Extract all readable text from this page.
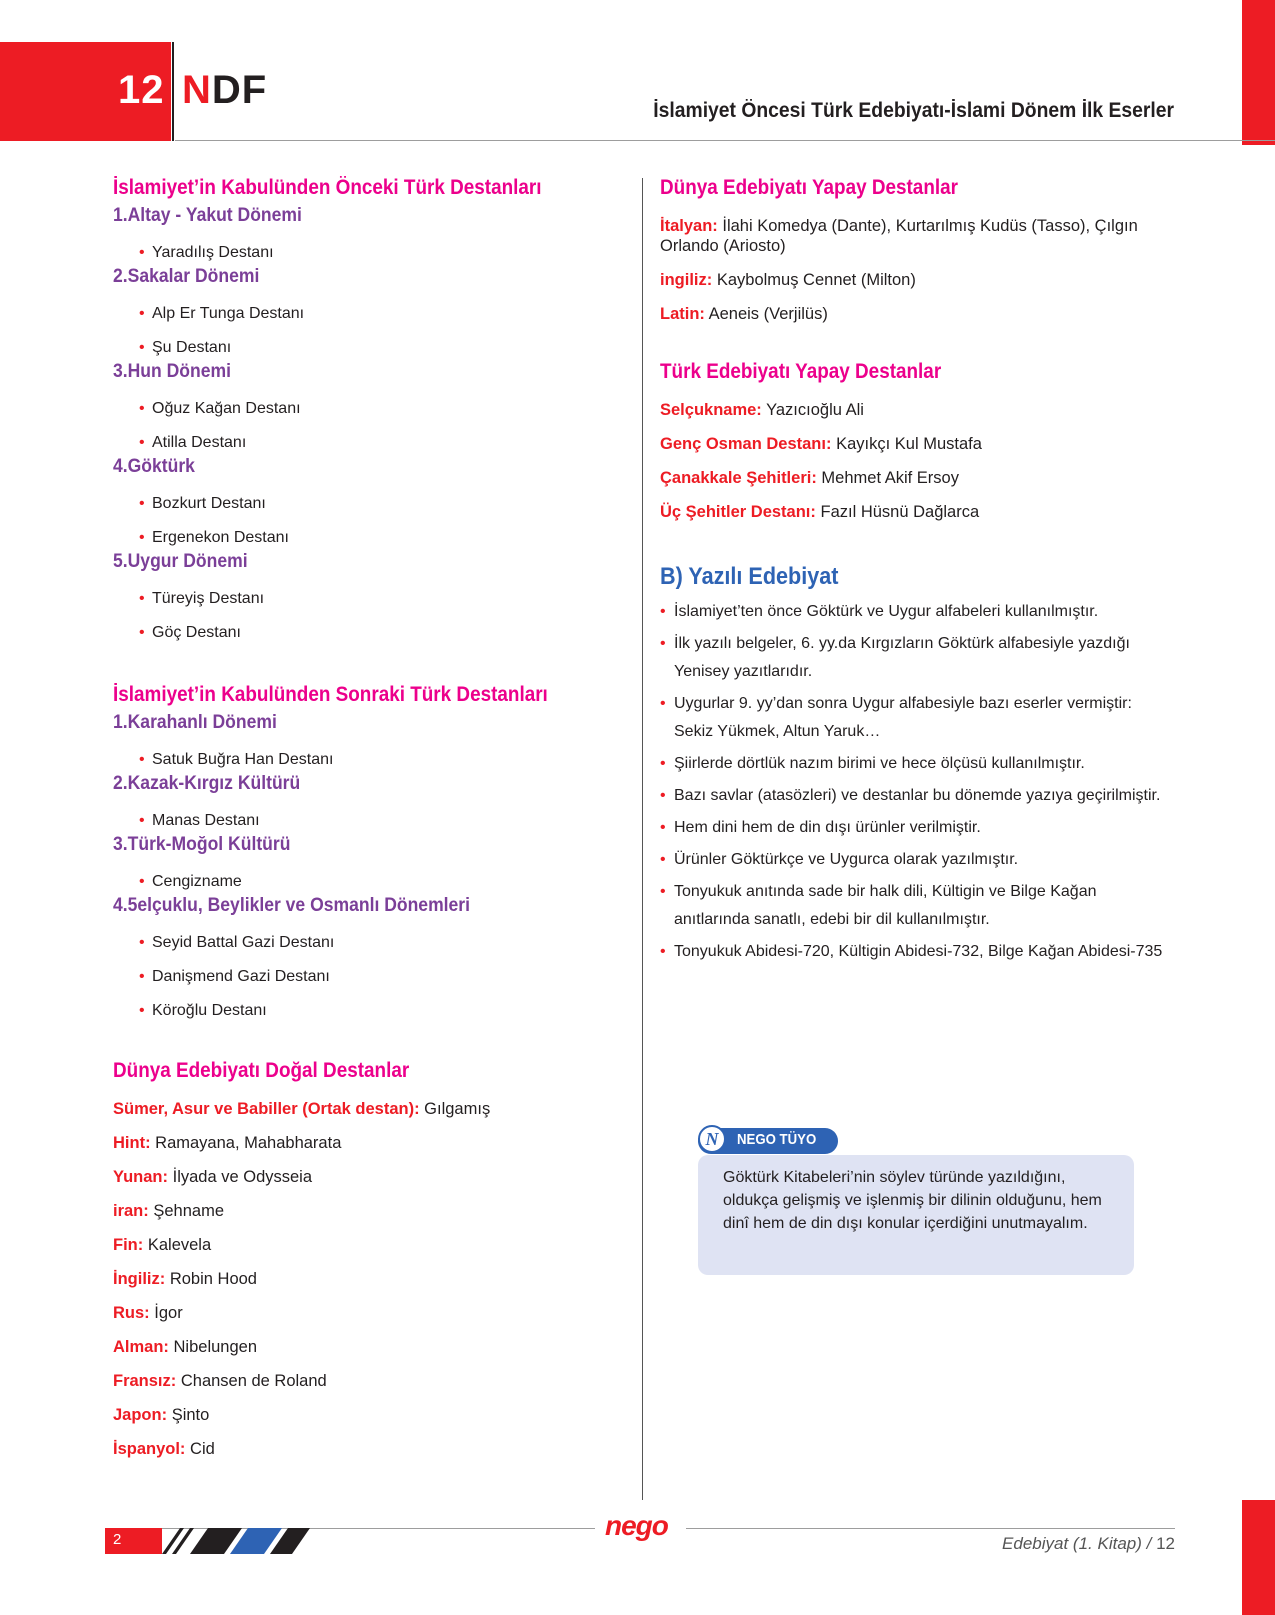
12 NDF	İslamiyet Öncesi Türk Edebiyatı-İslami Dönem İlk Eserler
İslamiyet’in Kabulünden Önceki Türk Destanları
1.Altay - Yakut Dönemi
• Yaradılış Destanı
2.Sakalar Dönemi
• Alp Er Tunga Destanı
• Şu Destanı
3.Hun Dönemi
• Oğuz Kağan Destanı
• Atilla Destanı
4.Göktürk
• Bozkurt Destanı
• Ergenekon Destanı
5.Uygur Dönemi
• Türeyiş Destanı
• Göç Destanı
İslamiyet’in Kabulünden Sonraki Türk Destanları
1.Karahanlı Dönemi
• Satuk Buğra Han Destanı
2.Kazak-Kırgız Kültürü
• Manas Destanı
3.Türk-Moğol Kültürü
• Cengizname
4.5elçuklu, Beylikler ve Osmanlı Dönemleri
• Seyid Battal Gazi Destanı
• Danişmend Gazi Destanı
• Köroğlu Destanı
Dünya Edebiyatı Doğal Destanlar
Sümer, Asur ve Babiller (Ortak destan): Gılgamış
Hint: Ramayana, Mahabharata
Yunan: İlyada ve Odysseia
iran: Şehname
Fin: Kalevela
İngiliz: Robin Hood
Rus: İgor
Alman: Nibelungen
Fransız: Chansen de Roland
Japon: Şinto
İspanyol: Cid
Dünya Edebiyatı Yapay Destanlar
İtalyan: İlahi Komedya (Dante), Kurtarılmış Kudüs (Tasso), Çılgın Orlando (Ariosto)
ingiliz: Kaybolmuş Cennet (Milton)
Latin: Aeneis (Verjilüs)
Türk Edebiyatı Yapay Destanlar
Selçukname: Yazıcıoğlu Ali
Genç Osman Destanı: Kayıkçı Kul Mustafa
Çanakkale Şehitleri: Mehmet Akif Ersoy
Üç Şehitler Destanı: Fazıl Hüsnü Dağlarca
B) Yazılı Edebiyat
• İslamiyet’ten önce Göktürk ve Uygur alfabeleri kullanılmıştır.
• İlk yazılı belgeler, 6. yy.da Kırgızların Göktürk alfabesiyle yazdığı Yenisey yazıtlarıdır.
• Uygurlar 9. yy’dan sonra Uygur alfabesiyle bazı eserler vermiştir: Sekiz Yükmek, Altun Yaruk…
• Şiirlerde dörtlük nazım birimi ve hece ölçüsü kullanılmıştır.
• Bazı savlar (atasözleri) ve destanlar bu dönemde yazıya geçirilmiştir.
• Hem dini hem de din dışı ürünler verilmiştir.
• Ürünler Göktürkçe ve Uygurca olarak yazılmıştır.
• Tonyukuk anıtında sade bir halk dili, Kültigin ve Bilge Kağan anıtlarında sanatlı, edebi bir dil kullanılmıştır.
• Tonyukuk Abidesi-720, Kültigin Abidesi-732, Bilge Kağan Abidesi-735
N	NEGO TÜYO
Göktürk Kitabeleri’nin söylev türünde yazıldığını, oldukça gelişmiş ve işlenmiş bir dilinin olduğunu, hem dinî hem de din dışı konular içerdiğini unutmayalım.
2	nego
Edebiyat (1. Kitap) / 12
